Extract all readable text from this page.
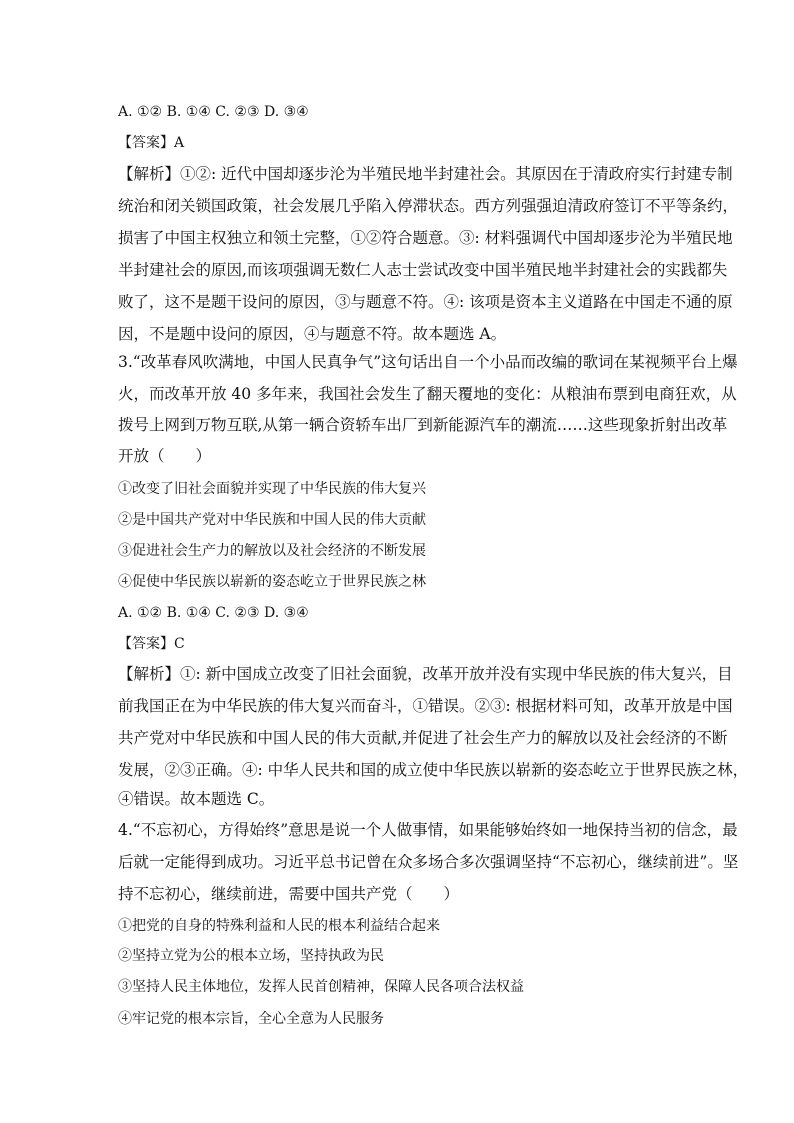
A. ①② B. ①④ C. ②③ D. ③④
【答案】A
【解析】①②: 近代中国却逐步沦为半殖民地半封建社会。其原因在于清政府实行封建专制
统治和闭关锁国政策，社会发展几乎陷入停滞状态。西方列强强迫清政府签订不平等条约，
损害了中国主权独立和领土完整，①②符合题意。③: 材料强调代中国却逐步沦为半殖民地
半封建社会的原因,而该项强调无数仁人志士尝试改变中国半殖民地半封建社会的实践都失
败了，这不是题干设问的原因，③与题意不符。④: 该项是资本主义道路在中国走不通的原
因，不是题中设问的原因，④与题意不符。故本题选 A。
3.“改革春风吹满地，中国人民真争气”这句话出自一个小品而改编的歌词在某视频平台上爆
火，而改革开放 40 多年来，我国社会发生了翻天覆地的变化：从粮油布票到电商狂欢，从
拨号上网到万物互联,从第一辆合资轿车出厂到新能源汽车的潮流……这些现象折射出改革
开放（　　）
①改变了旧社会面貌并实现了中华民族的伟大复兴
②是中国共产党对中华民族和中国人民的伟大贡献
③促进社会生产力的解放以及社会经济的不断发展
④促使中华民族以崭新的姿态屹立于世界民族之林
A. ①② B. ①④ C. ②③ D. ③④
【答案】C
【解析】①: 新中国成立改变了旧社会面貌，改革开放并没有实现中华民族的伟大复兴，目
前我国正在为中华民族的伟大复兴而奋斗，①错误。②③: 根据材料可知，改革开放是中国
共产党对中华民族和中国人民的伟大贡献,并促进了社会生产力的解放以及社会经济的不断
发展，②③正确。④: 中华人民共和国的成立使中华民族以崭新的姿态屹立于世界民族之林，
④错误。故本题选 C。
4.“不忘初心，方得始终”意思是说一个人做事情，如果能够始终如一地保持当初的信念，最
后就一定能得到成功。习近平总书记曾在众多场合多次强调坚持“不忘初心，继续前进”。坚
持不忘初心，继续前进，需要中国共产党（　　）
①把党的自身的特殊利益和人民的根本利益结合起来
②坚持立党为公的根本立场，坚持执政为民
③坚持人民主体地位，发挥人民首创精神，保障人民各项合法权益
④牢记党的根本宗旨，全心全意为人民服务
